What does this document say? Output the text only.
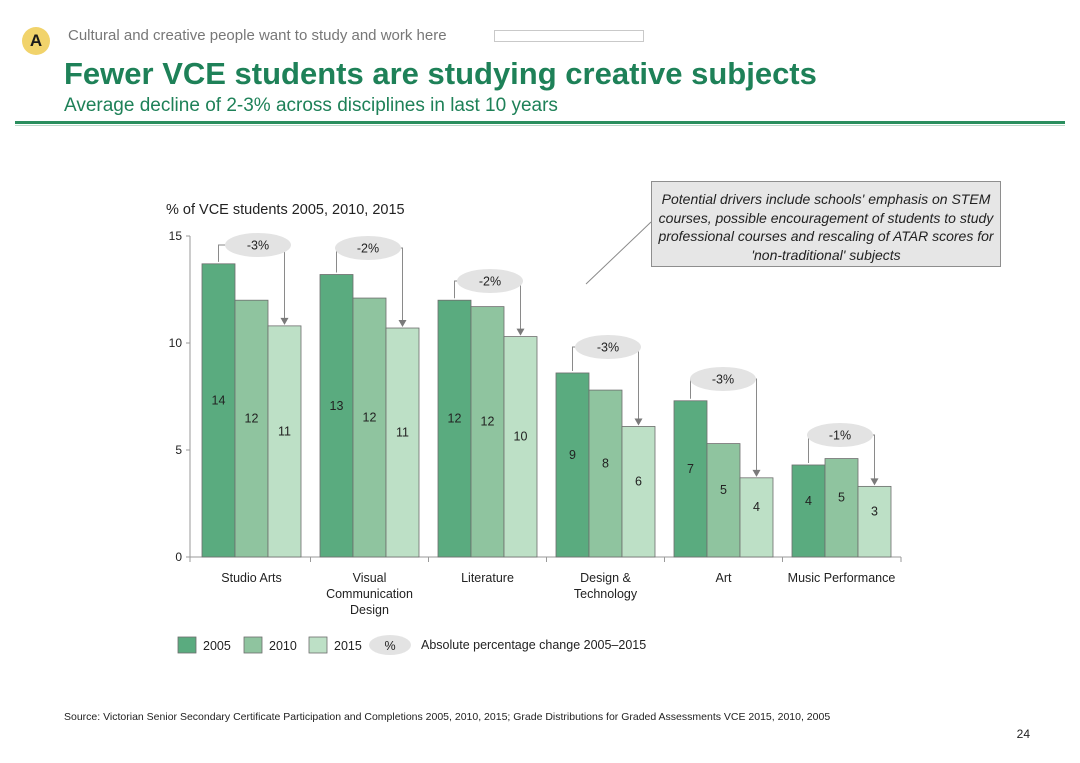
A	Cultural and creative people want to study and work here
Fewer VCE students are studying creative subjects
Average decline of 2-3% across disciplines in last 10 years
% of VCE students 2005, 2010, 2015
0
5
10
15
14
12
11
Studio Arts
13
12
11
Visual
Communication
Design
12 12
10
Literature
9
8
6
Design &
Technology
7
5
4
Art
4 5
3
Music Performance
-3%	-2%
-2%
-3%
-3%
-1%
2005	2010	2015 % Absolute percentage change 2005–2015
Potential drivers include schools' emphasis on STEM courses, possible encouragement of students to study professional courses and rescaling of ATAR scores for 'non-traditional' subjects
Source: Victorian Senior Secondary Certificate Participation and Completions 2005, 2010, 2015; Grade Distributions for Graded Assessments VCE 2015, 2010, 2005
24
